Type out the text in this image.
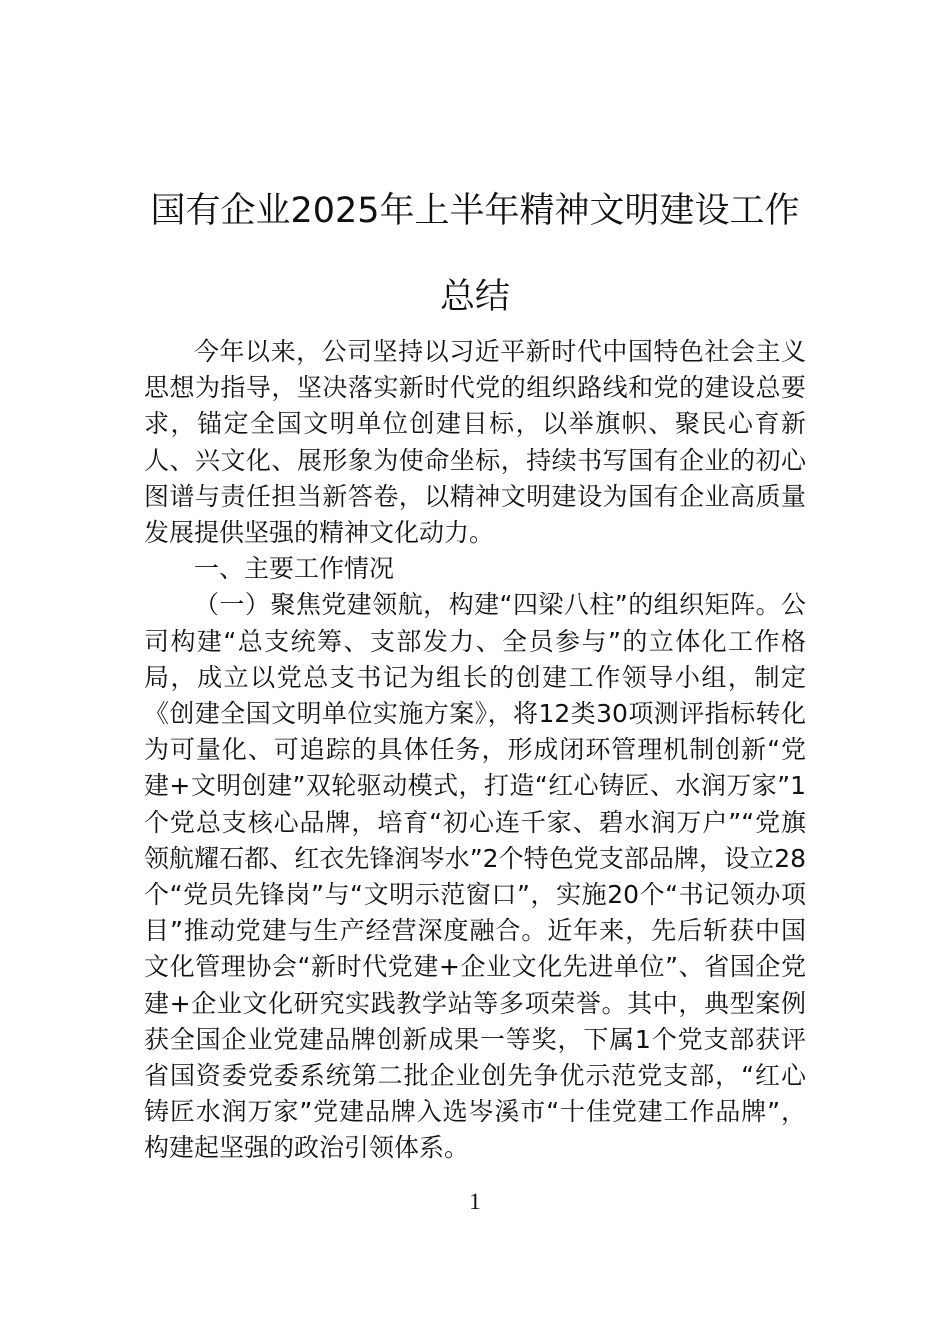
国有企业2025年上半年精神文明建设工作
总结

今年以来，公司坚持以习近平新时代中国特色社会主义思想为指导，坚决落实新时代党的组织路线和党的建设总要求，锚定全国文明单位创建目标，以举旗帜、聚民心育新人、兴文化、展形象为使命坐标，持续书写国有企业的初心图谱与责任担当新答卷，以精神文明建设为国有企业高质量发展提供坚强的精神文化动力。

一、主要工作情况

（一）聚焦党建领航，构建“四梁八柱”的组织矩阵。公司构建“总支统筹、支部发力、全员参与”的立体化工作格局，成立以党总支书记为组长的创建工作领导小组，制定《创建全国文明单位实施方案》，将12类30项测评指标转化为可量化、可追踪的具体任务，形成闭环管理机制创新“党建+文明创建”双轮驱动模式，打造“红心铸匠、水润万家”1个党总支核心品牌，培育“初心连千家、碧水润万户”“党旗领航耀石都、红衣先锋润岑水”2个特色党支部品牌，设立28个“党员先锋岗”与“文明示范窗口”，实施20个“书记领办项目”推动党建与生产经营深度融合。近年来，先后斩获中国文化管理协会“新时代党建+企业文化先进单位”、省国企党建+企业文化研究实践教学站等多项荣誉。其中，典型案例获全国企业党建品牌创新成果一等奖，下属1个党支部获评省国资委党委系统第二批企业创先争优示范党支部，“红心铸匠水润万家”党建品牌入选岑溪市“十佳党建工作品牌”，构建起坚强的政治引领体系。

1
